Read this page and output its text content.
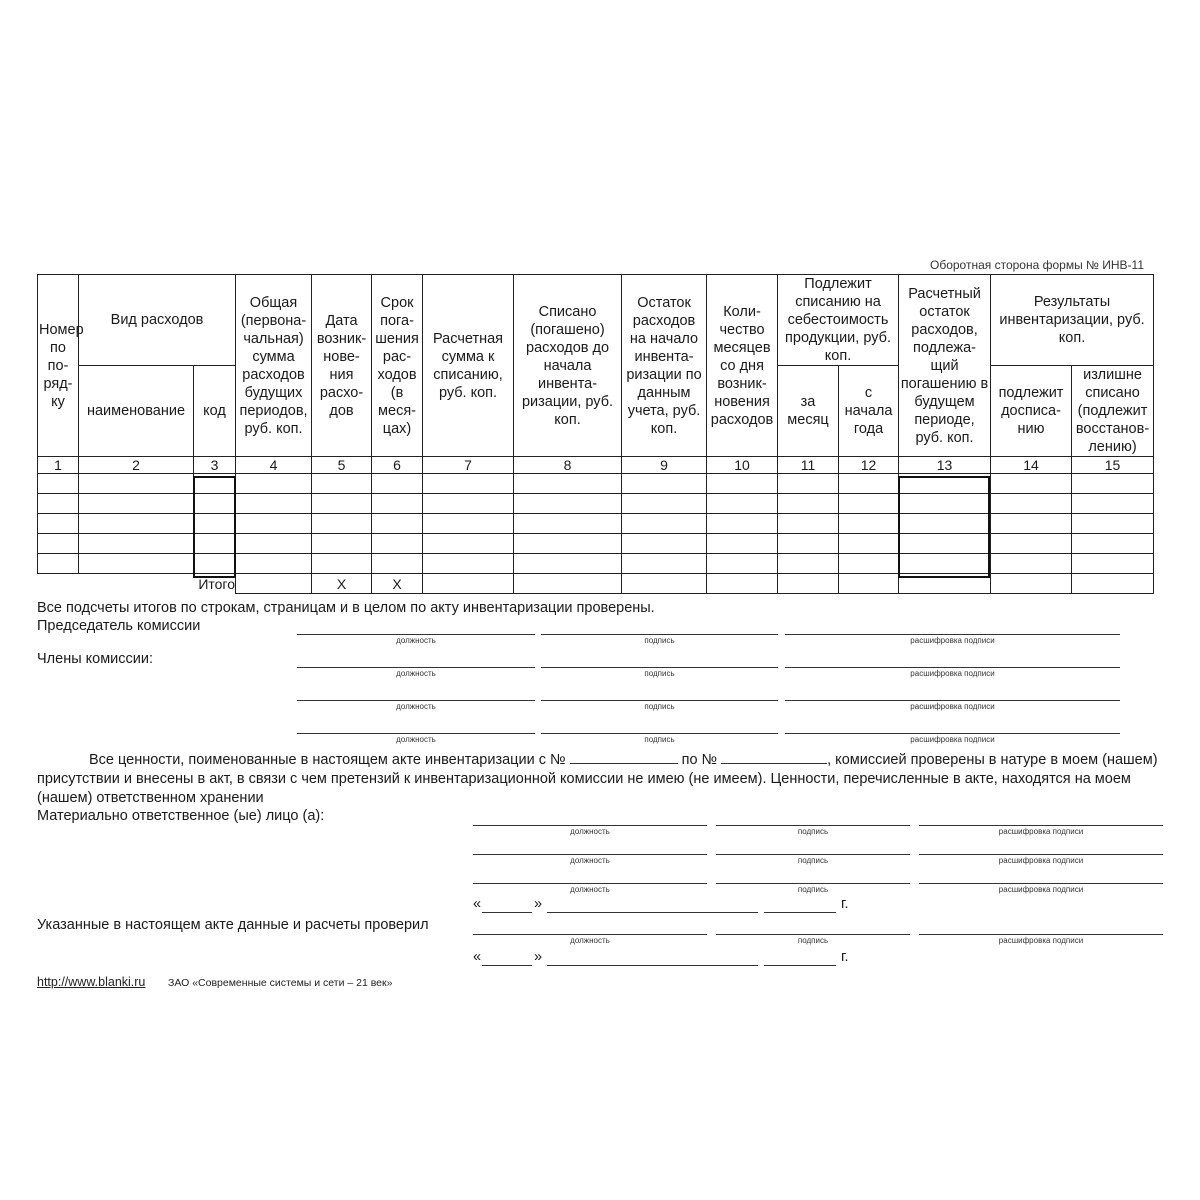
Оборотная сторона формы № ИНВ-11
Номер по по-ряд-ку	Вид расходов		Общая (первона-чальная) сумма расходов будущих периодов, руб. коп.	Дата возник-нове-ния расхо-дов	Срок пога-шения рас-ходов (в меся-цах)	Расчетная сумма к списанию, руб. коп.	Списано (погашено) расходов до начала инвента-ризации, руб. коп.	Остаток расходов на начало инвента-ризации по данным учета, руб. коп.	Коли-чество месяцев со дня возник-новения расходов	Подлежит списанию на себестоимость продукции, руб. коп.		Расчетный остаток расходов, подлежа-щий погашению в будущем периоде, руб. коп.	Результаты инвентаризации, руб. коп.	
	наименование	код								за месяц	с начала года		подлежит досписа-нию	излишне списано (подлежит восстанов-лению)
1	2	3	4	5	6	7	8	9	10	11	12	13	14	15

Итого				X	X									
Все подсчеты итогов по строкам, страницам и в целом по акту инвентаризации проверены.
Председатель комиссии
Члены комиссии:
должность	подпись	расшифровка подписи
должность	подпись	расшифровка подписи
должность	подпись	расшифровка подписи
должность	подпись	расшифровка подписи
Все ценности, поименованные в настоящем акте инвентаризации с №	по №	, комиссией проверены в натуре в моем (нашем) присутствии и внесены в акт, в связи с чем претензий к инвентаризационной комиссии не имею (не имеем). Ценности, перечисленные в акте, находятся на моем (нашем) ответственном хранении
Материально ответственное (ые) лицо (а):
должность	подпись	расшифровка подписи
должность	подпись	расшифровка подписи
должность	подпись	расшифровка подписи
«	»	г.
Указанные в настоящем акте данные и расчеты проверил
должность	подпись	расшифровка подписи
«	»	г.
http://www.blanki.ru ЗАО «Современные системы и сети – 21 век»
